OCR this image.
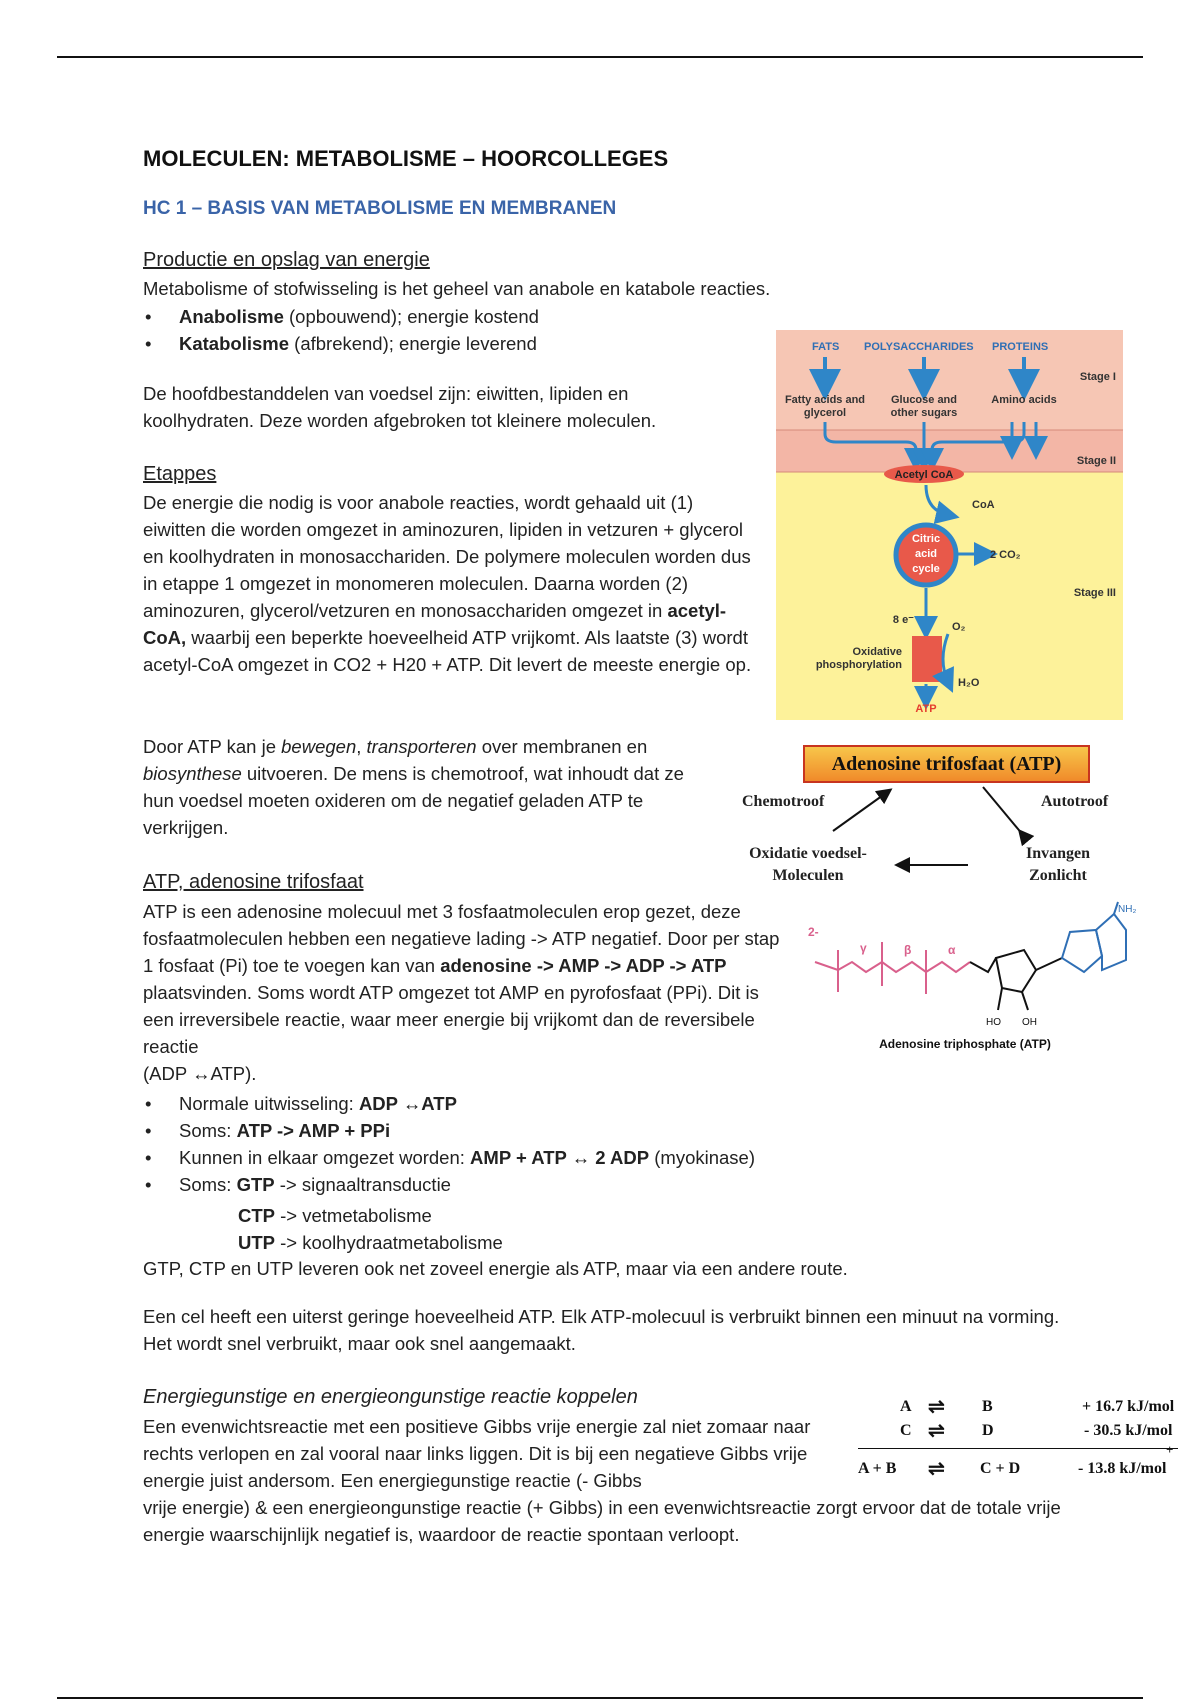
MOLECULEN: METABOLISME – HOORCOLLEGES
HC 1 – BASIS VAN METABOLISME EN MEMBRANEN
Productie en opslag van energie
Metabolisme of stofwisseling is het geheel van anabole en katabole reacties.
• Anabolisme (opbouwend); energie kostend
• Katabolisme (afbrekend); energie leverend
De hoofdbestanddelen van voedsel zijn: eiwitten, lipiden en koolhydraten. Deze worden afgebroken tot kleinere moleculen.
Etappes
De energie die nodig is voor anabole reacties, wordt gehaald uit (1) eiwitten die worden omgezet in aminozuren, lipiden in vetzuren + glycerol en koolhydraten in monosacchariden. De polymere moleculen worden dus in etappe 1 omgezet in monomeren moleculen. Daarna worden (2) aminozuren, glycerol/vetzuren en monosacchariden omgezet in acetyl-CoA, waarbij een beperkte hoeveelheid ATP vrijkomt. Als laatste (3) wordt acetyl-CoA omgezet in CO2 + H20 + ATP. Dit levert de meeste energie op.
Door ATP kan je bewegen, transporteren over membranen en biosynthese uitvoeren. De mens is chemotroof, wat inhoudt dat ze hun voedsel moeten oxideren om de negatief geladen ATP te verkrijgen.
ATP, adenosine trifosfaat
ATP is een adenosine molecuul met 3 fosfaatmoleculen erop gezet, deze fosfaatmoleculen hebben een negatieve lading -> ATP negatief. Door per stap 1 fosfaat (Pi) toe te voegen kan van adenosine -> AMP -> ADP -> ATP plaatsvinden. Soms wordt ATP omgezet tot AMP en pyrofosfaat (PPi). Dit is een irreversibele reactie, waar meer energie bij vrijkomt dan de reversibele reactie
(ADP ↔ATP).
• Normale uitwisseling: ADP ↔ATP
• Soms: ATP -> AMP + PPi
• Kunnen in elkaar omgezet worden: AMP + ATP ↔ 2 ADP (myokinase)
• Soms: GTP -> signaaltransductie
CTP -> vetmetabolisme
UTP -> koolhydraatmetabolisme
GTP, CTP en UTP leveren ook net zoveel energie als ATP, maar via een andere route.
Een cel heeft een uiterst geringe hoeveelheid ATP. Elk ATP-molecuul is verbruikt binnen een minuut na vorming. Het wordt snel verbruikt, maar ook snel aangemaakt.
Energiegunstige en energieongunstige reactie koppelen
Een evenwichtsreactie met een positieve Gibbs vrije energie zal niet zomaar naar rechts verlopen en zal vooral naar links liggen. Dit is bij een negatieve Gibbs vrije energie juist andersom. Een energiegunstige reactie (- Gibbs
vrije energie) & een energieongunstige reactie (+ Gibbs) in een evenwichtsreactie zorgt ervoor dat de totale vrije energie waarschijnlijk negatief is, waardoor de reactie spontaan verloopt.
FATS POLYSACCHARIDES PROTEINS
Fatty acids and
glycerol
Glucose and
other sugars
Amino acids
Stage I
Stage II
Stage III
Acetyl CoA
CoA
Citric
acid
cycle
2 CO₂
8 e⁻
O₂
Oxidative
phosphorylation
H₂O
ATP
Adenosine trifosfaat (ATP)
Chemotroof	Autotroof
Oxidatie voedsel-
Moleculen
Invangen
Zonlicht
2-
γ	β	α
NH₂
HO OH
Adenosine triphosphate (ATP)
A ⇌ B	+ 16.7 kJ/mol
C ⇌ D	- 30.5 kJ/mol
+
A + B ⇌ C + D	- 13.8 kJ/mol
